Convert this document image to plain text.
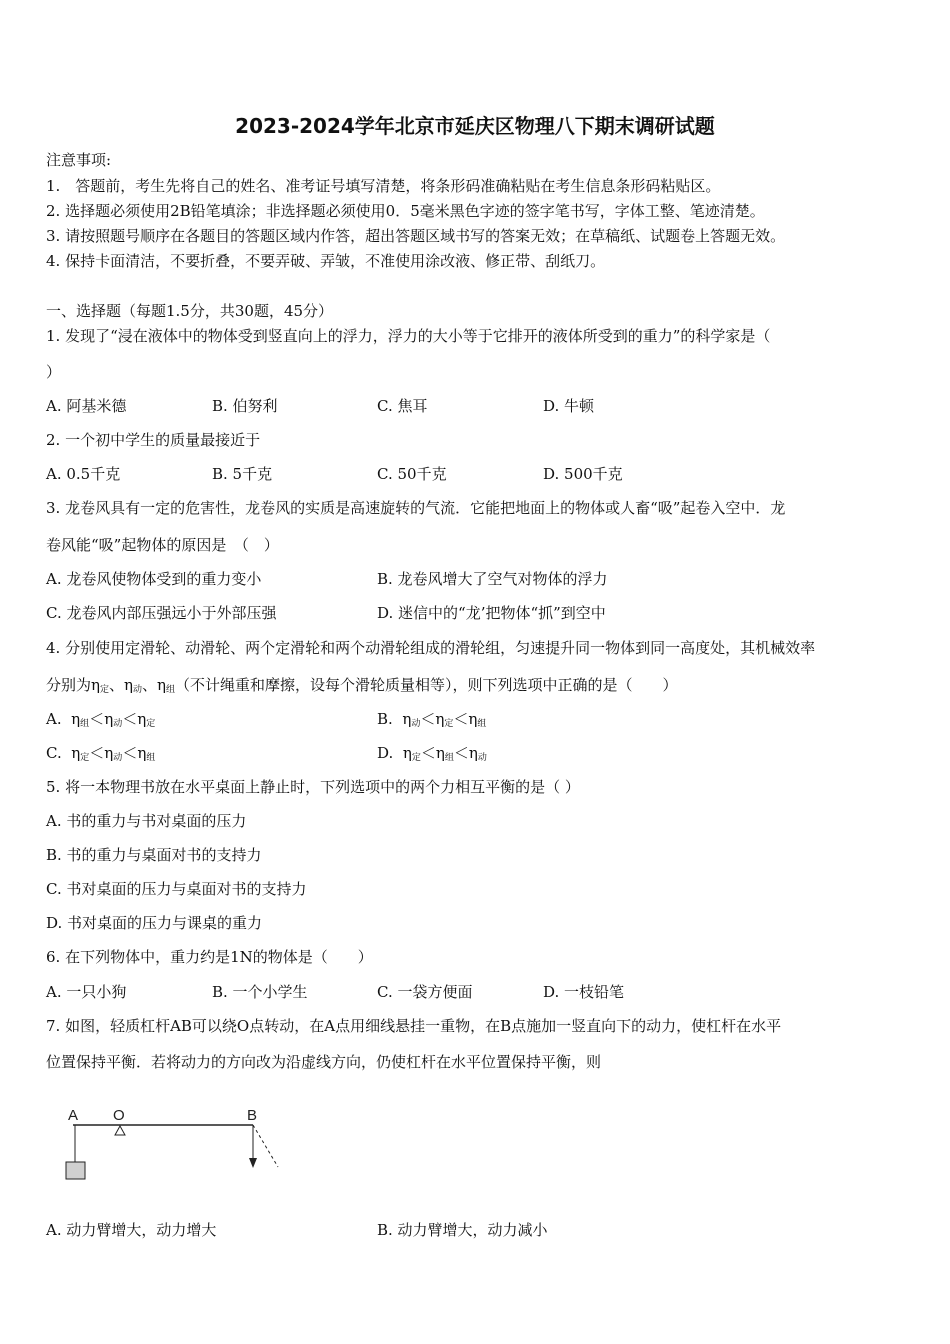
2023-2024学年北京市延庆区物理八下期末调研试题
注意事项:
1.　答题前，考生先将自己的姓名、准考证号填写清楚，将条形码准确粘贴在考生信息条形码粘贴区。
2. 选择题必须使用2B铅笔填涂；非选择题必须使用0．5毫米黑色字迹的签字笔书写，字体工整、笔迹清楚。
3. 请按照题号顺序在各题目的答题区域内作答，超出答题区域书写的答案无效；在草稿纸、试题卷上答题无效。
4. 保持卡面清洁，不要折叠，不要弄破、弄皱，不准使用涂改液、修正带、刮纸刀。
一、选择题（每题1.5分，共30题，45分）
1. 发现了“浸在液体中的物体受到竖直向上的浮力，浮力的大小等于它排开的液体所受到的重力”的科学家是（
）
A. 阿基米德	B. 伯努利	C. 焦耳	D. 牛顿
2. 一个初中学生的质量最接近于
A. 0.5千克	B. 5千克	C. 50千克	D. 500千克
3. 龙卷风具有一定的危害性，龙卷风的实质是高速旋转的气流．它能把地面上的物体或人畜“吸”起卷入空中．龙
卷风能“吸”起物体的原因是　（　）
A. 龙卷风使物体受到的重力变小	B. 龙卷风增大了空气对物体的浮力
C. 龙卷风内部压强远小于外部压强	D. 迷信中的“龙’把物体“抓”到空中
4. 分别使用定滑轮、动滑轮、两个定滑轮和两个动滑轮组成的滑轮组，匀速提升同一物体到同一高度处，其机械效率
分别为$\eta_定$、$\eta_动$、$\eta_组$（不计绳重和摩擦，设每个滑轮质量相等），则下列选项中正确的是（　　）
A. $\eta_组<\eta_动<\eta_定$	B. $\eta_动<\eta_定<\eta_组$
C. $\eta_定<\eta_动<\eta_组$	D. $\eta_定<\eta_组<\eta_动$
5. 将一本物理书放在水平桌面上静止时，下列选项中的两个力相互平衡的是（ ）
A. 书的重力与书对桌面的压力
B. 书的重力与桌面对书的支持力
C. 书对桌面的压力与桌面对书的支持力
D. 书对桌面的压力与课桌的重力
6. 在下列物体中，重力约是1N的物体是（　　）
A. 一只小狗	B. 一个小学生	C. 一袋方便面	D. 一枝铅笔
7. 如图，轻质杠杆AB可以绕O点转动，在A点用细线悬挂一重物，在B点施加一竖直向下的动力，使杠杆在水平
位置保持平衡．若将动力的方向改为沿虚线方向，仍使杠杆在水平位置保持平衡，则
A O	B
A. 动力臂增大，动力增大	B. 动力臂增大，动力减小
